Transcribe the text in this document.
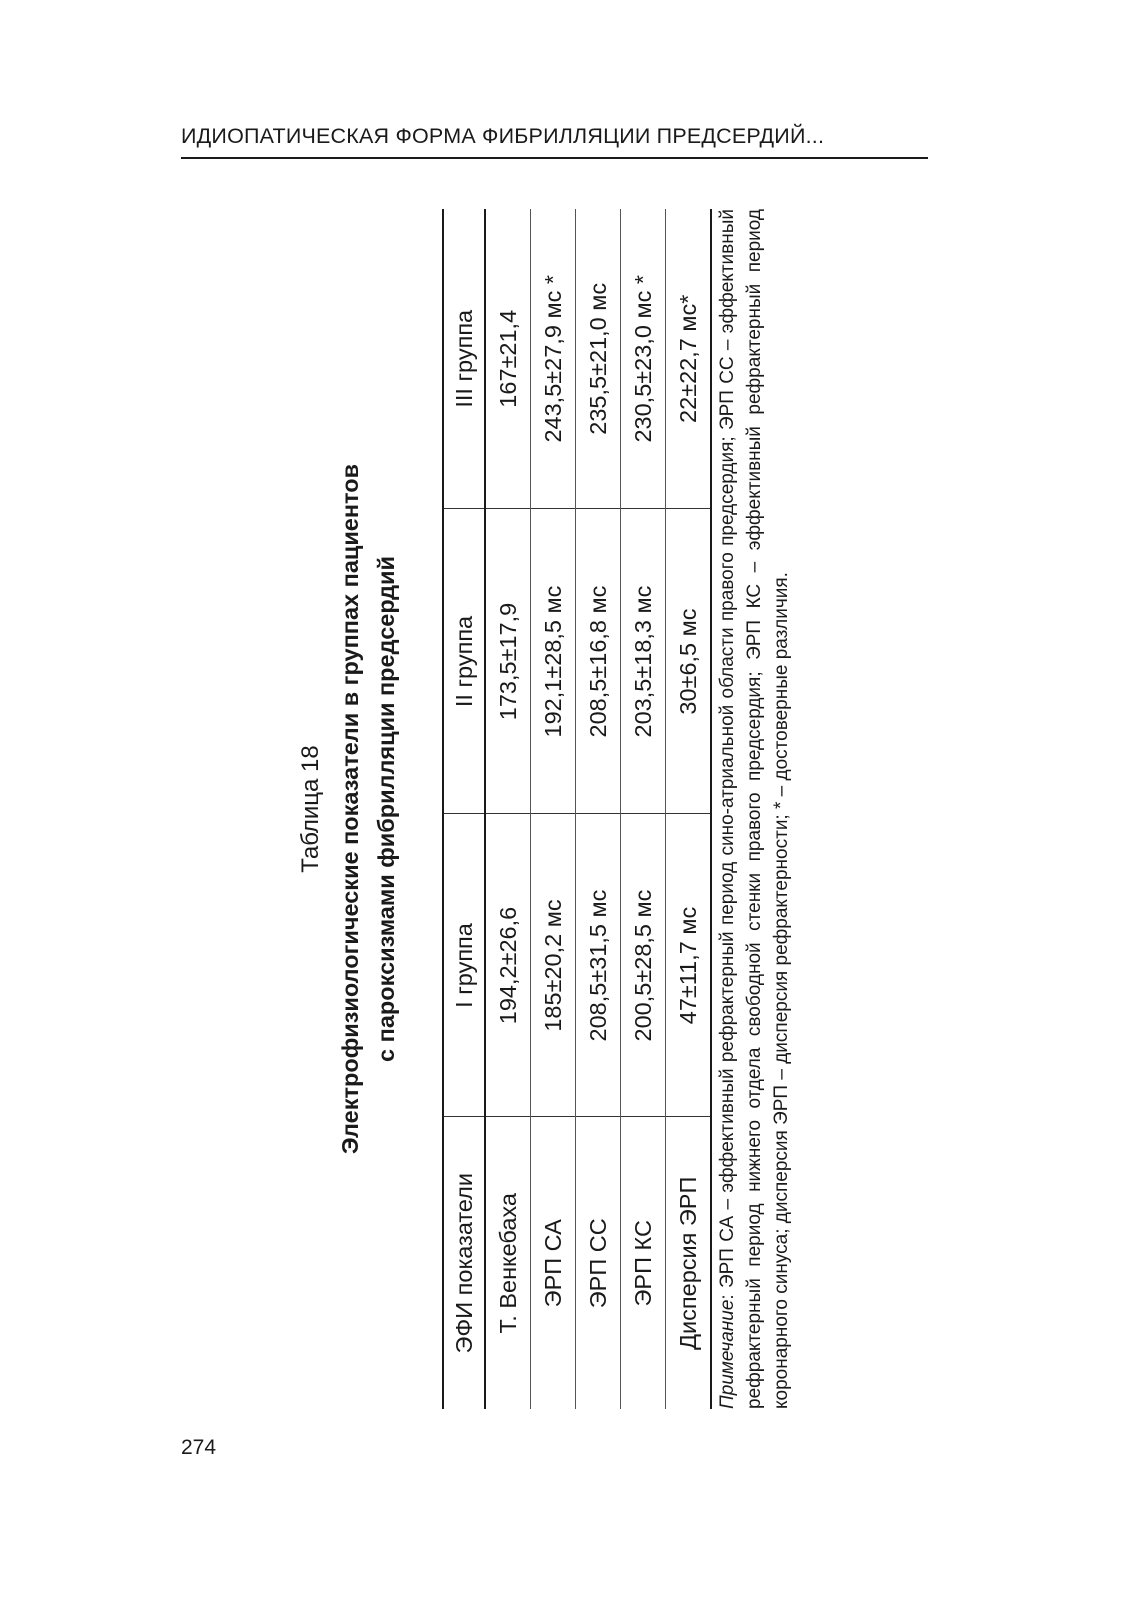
ИДИОПАТИЧЕСКАЯ ФОРМА ФИБРИЛЛЯЦИИ ПРЕДСЕРДИЙ...
274
Таблица 18 Электрофизиологические показатели в группах пациентов с пароксизмами фибрилляции предсердий
ЭФИ показатели	I группа	II группа	III группа
Т. Венкебаха	194,2±26,6	173,5±17,9	167±21,4
ЭРП СА	185±20,2 мс	192,1±28,5 мс	243,5±27,9 мс *
ЭРП СС	208,5±31,5 мс	208,5±16,8 мс	235,5±21,0 мс
ЭРП КС	200,5±28,5 мс	203,5±18,3 мс	230,5±23,0 мс *
Дисперсия ЭРП	47±11,7 мс	30±6,5 мс	22±22,7 мс*
Примечание: ЭРП СА – эффективный рефрактерный период сино-атриальной области правого предсердия; ЭРП СС – эффективный рефрактерный период нижнего отдела свободной стенки правого предсердия; ЭРП КС – эффективный рефрактерный период коронарного синуса; дисперсия ЭРП – дисперсия рефрактерности; * – достоверные различия.
